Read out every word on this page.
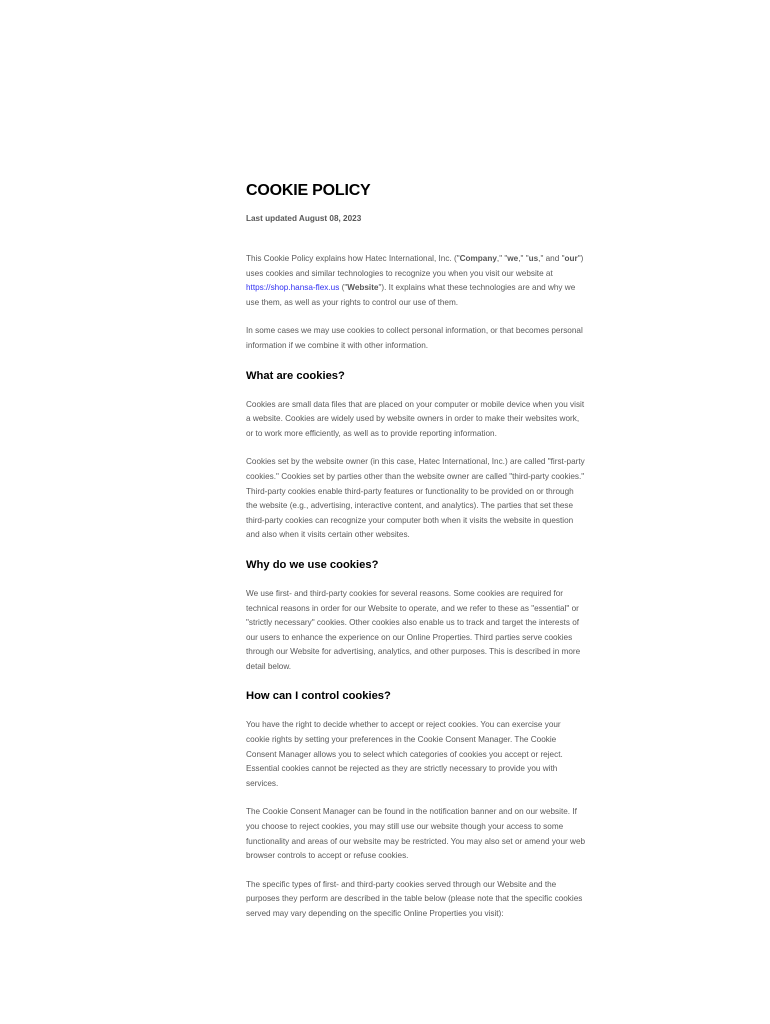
COOKIE POLICY

Last updated August 08, 2023

This Cookie Policy explains how Hatec International, Inc. ("Company," "we," "us," and "our") uses cookies and similar technologies to recognize you when you visit our website at https://shop.hansa-flex.us ("Website"). It explains what these technologies are and why we use them, as well as your rights to control our use of them.

In some cases we may use cookies to collect personal information, or that becomes personal information if we combine it with other information.

What are cookies?

Cookies are small data files that are placed on your computer or mobile device when you visit a website. Cookies are widely used by website owners in order to make their websites work, or to work more efficiently, as well as to provide reporting information.

Cookies set by the website owner (in this case, Hatec International, Inc.) are called "first-party cookies." Cookies set by parties other than the website owner are called "third-party cookies." Third-party cookies enable third-party features or functionality to be provided on or through the website (e.g., advertising, interactive content, and analytics). The parties that set these third-party cookies can recognize your computer both when it visits the website in question and also when it visits certain other websites.

Why do we use cookies?

We use first- and third-party cookies for several reasons. Some cookies are required for technical reasons in order for our Website to operate, and we refer to these as "essential" or "strictly necessary" cookies. Other cookies also enable us to track and target the interests of our users to enhance the experience on our Online Properties. Third parties serve cookies through our Website for advertising, analytics, and other purposes. This is described in more detail below.

How can I control cookies?

You have the right to decide whether to accept or reject cookies. You can exercise your cookie rights by setting your preferences in the Cookie Consent Manager. The Cookie Consent Manager allows you to select which categories of cookies you accept or reject. Essential cookies cannot be rejected as they are strictly necessary to provide you with services.

The Cookie Consent Manager can be found in the notification banner and on our website. If you choose to reject cookies, you may still use our website though your access to some functionality and areas of our website may be restricted. You may also set or amend your web browser controls to accept or refuse cookies.

The specific types of first- and third-party cookies served through our Website and the purposes they perform are described in the table below (please note that the specific cookies served may vary depending on the specific Online Properties you visit):
